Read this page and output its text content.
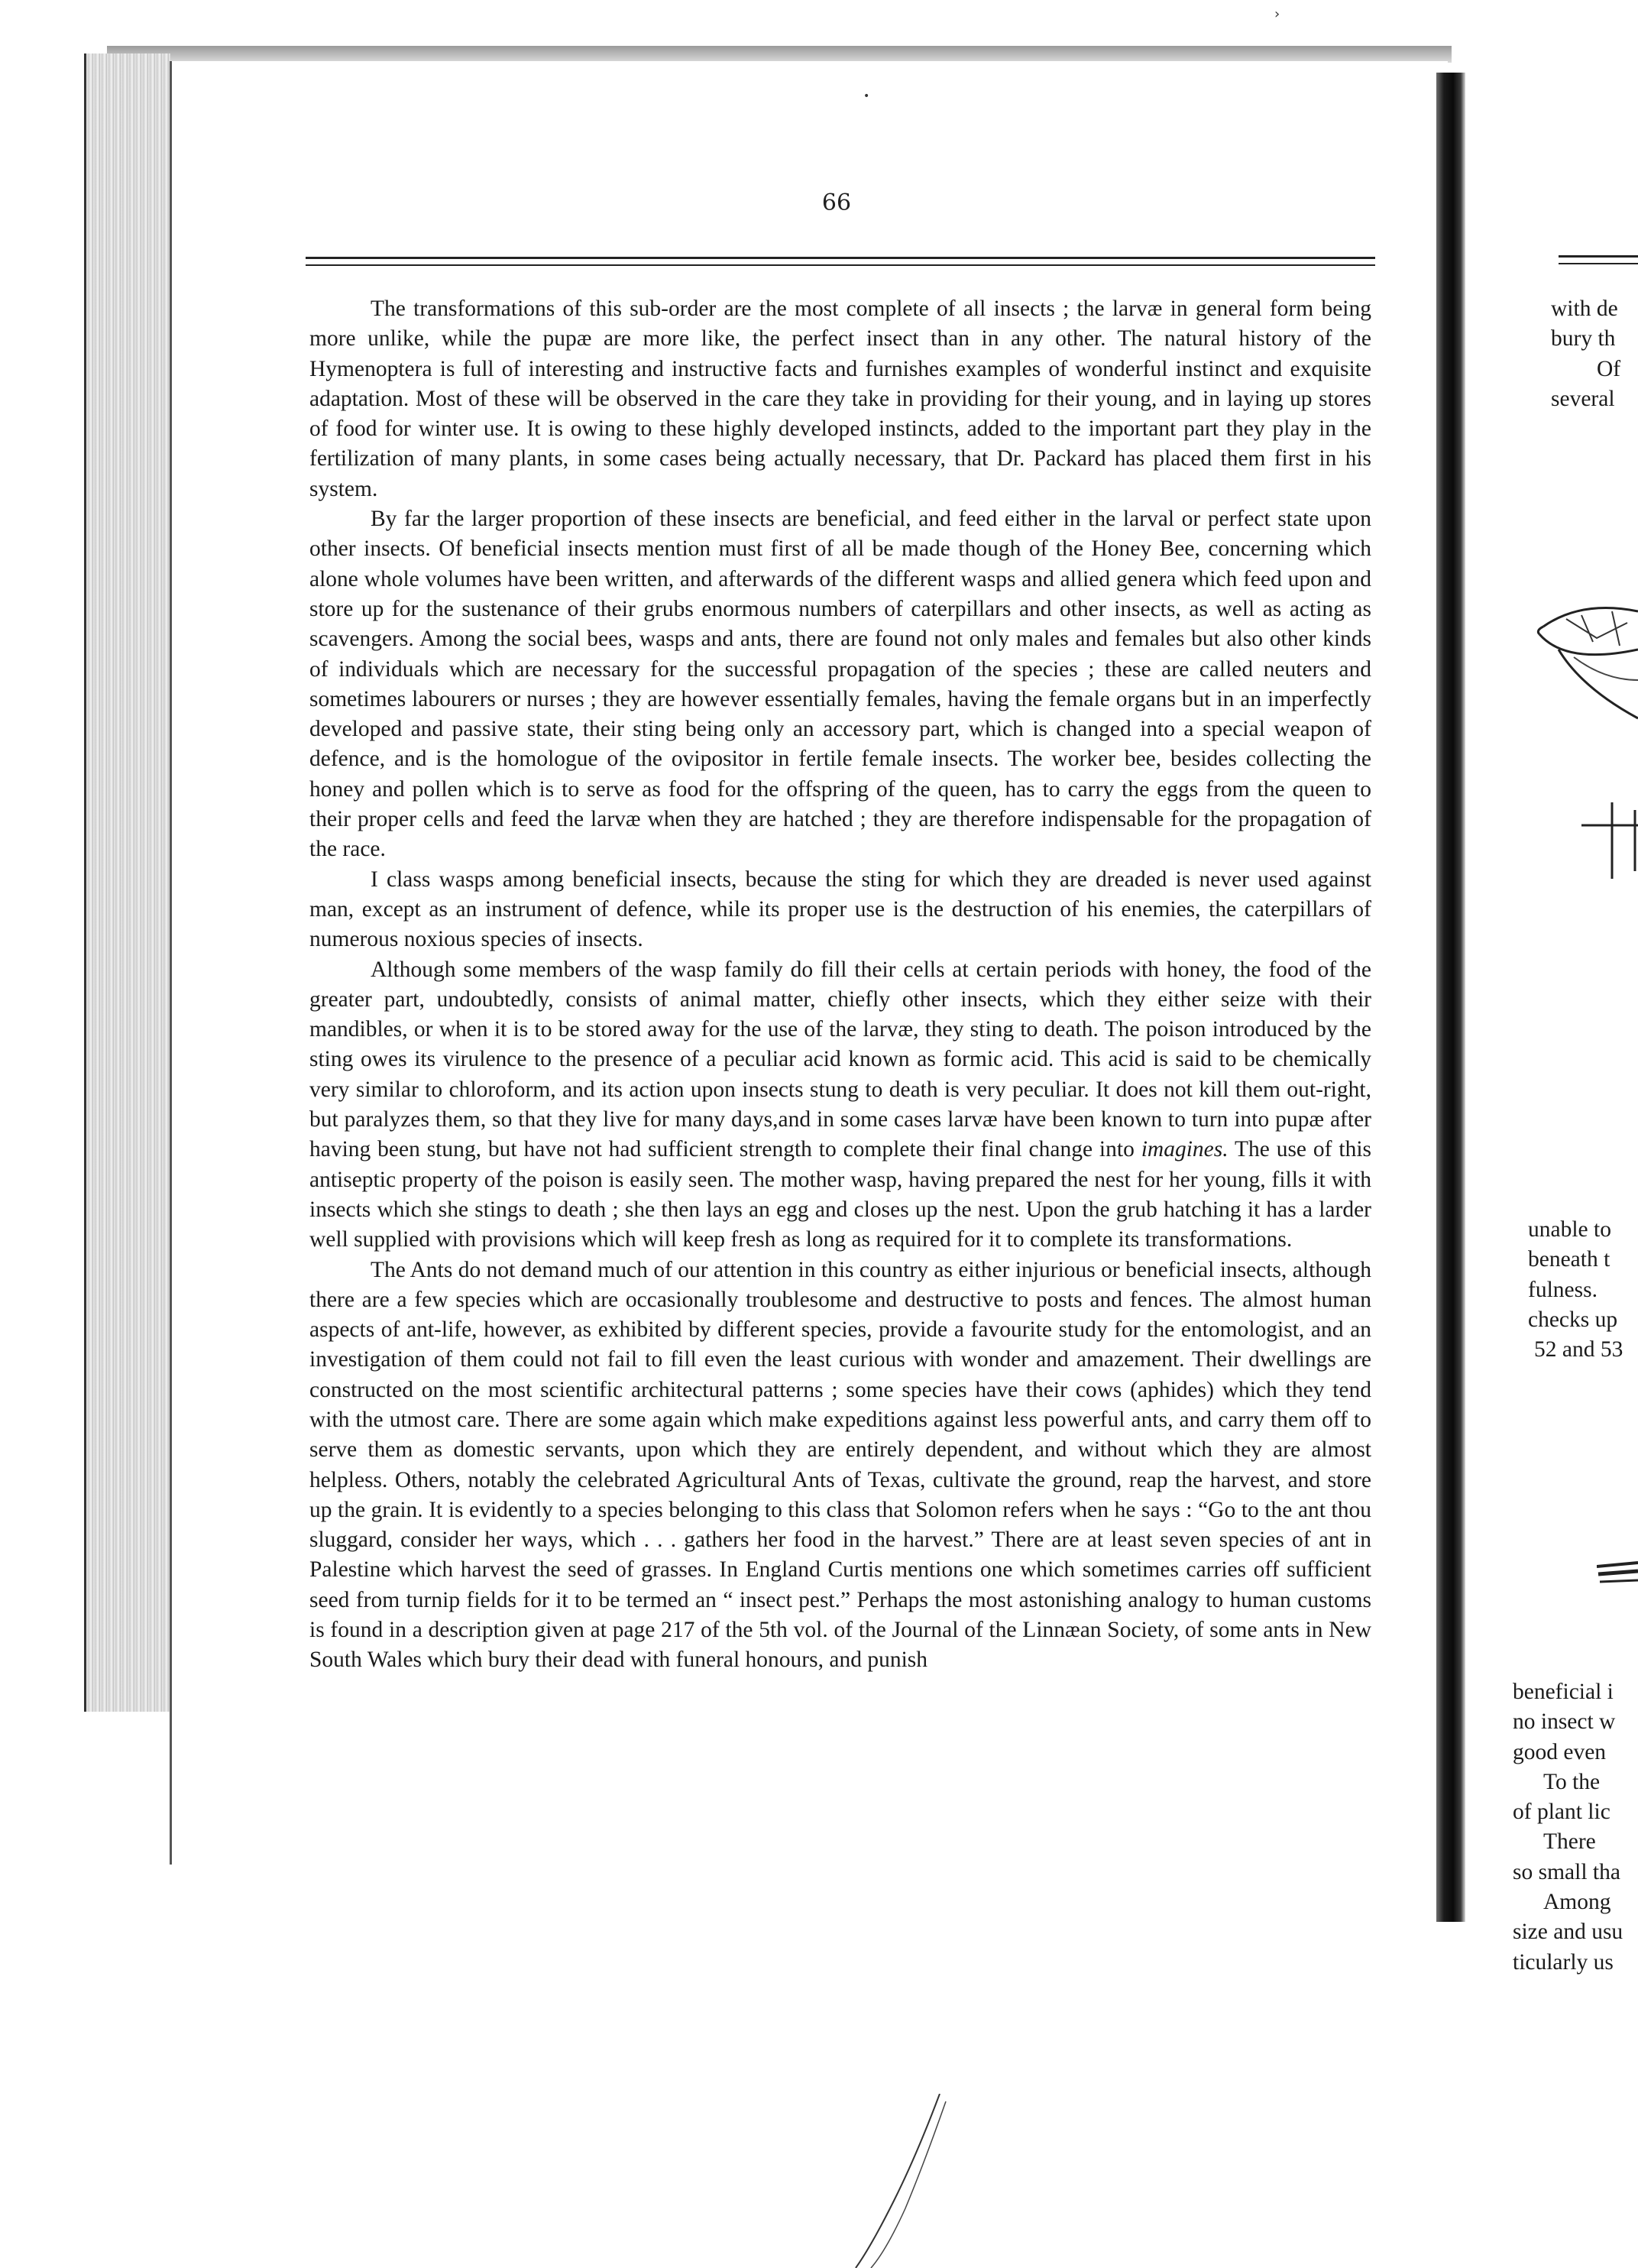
•
›
66

The transformations of this sub-order are the most complete of all insects ; the larvæ in general form being more unlike, while the pupæ are more like, the perfect insect than in any other. The natural history of the Hymenoptera is full of interesting and instructive facts and furnishes examples of wonderful instinct and exquisite adaptation. Most of these will be observed in the care they take in providing for their young, and in laying up stores of food for winter use. It is owing to these highly developed instincts, added to the important part they play in the fertilization of many plants, in some cases being actually necessary, that Dr. Packard has placed them first in his system.

By far the larger proportion of these insects are beneficial, and feed either in the larval or perfect state upon other insects. Of beneficial insects mention must first of all be made though of the Honey Bee, concerning which alone whole volumes have been written, and afterwards of the different wasps and allied genera which feed upon and store up for the sustenance of their grubs enormous numbers of caterpillars and other insects, as well as acting as scavengers. Among the social bees, wasps and ants, there are found not only males and females but also other kinds of individuals which are necessary for the successful propagation of the species ; these are called neuters and sometimes labourers or nurses ; they are however essentially females, having the female organs but in an imperfectly developed and passive state, their sting being only an accessory part, which is changed into a special weapon of defence, and is the homologue of the ovipositor in fertile female insects. The worker bee, besides collecting the honey and pollen which is to serve as food for the offspring of the queen, has to carry the eggs from the queen to their proper cells and feed the larvæ when they are hatched ; they are therefore indispensable for the propagation of the race.

I class wasps among beneficial insects, because the sting for which they are dreaded is never used against man, except as an instrument of defence, while its proper use is the destruction of his enemies, the caterpillars of numerous noxious species of insects.

Although some members of the wasp family do fill their cells at certain periods with honey, the food of the greater part, undoubtedly, consists of animal matter, chiefly other insects, which they either seize with their mandibles, or when it is to be stored away for the use of the larvæ, they sting to death. The poison introduced by the sting owes its virulence to the presence of a peculiar acid known as formic acid. This acid is said to be chemically very similar to chloroform, and its action upon insects stung to death is very peculiar. It does not kill them out-right, but paralyzes them, so that they live for many days,and in some cases larvæ have been known to turn into pupæ after having been stung, but have not had sufficient strength to complete their final change into imagines. The use of this antiseptic property of the poison is easily seen. The mother wasp, having prepared the nest for her young, fills it with insects which she stings to death ; she then lays an egg and closes up the nest. Upon the grub hatching it has a larder well supplied with provisions which will keep fresh as long as required for it to complete its transformations.

The Ants do not demand much of our attention in this country as either injurious or beneficial insects, although there are a few species which are occasionally troublesome and destructive to posts and fences. The almost human aspects of ant-life, however, as exhibited by different species, provide a favourite study for the entomologist, and an investigation of them could not fail to fill even the least curious with wonder and amazement. Their dwellings are constructed on the most scientific architectural patterns ; some species have their cows (aphides) which they tend with the utmost care. There are some again which make expeditions against less powerful ants, and carry them off to serve them as domestic servants, upon which they are entirely dependent, and without which they are almost helpless. Others, notably the celebrated Agricultural Ants of Texas, cultivate the ground, reap the harvest, and store up the grain. It is evidently to a species belonging to this class that Solomon refers when he says : “Go to the ant thou sluggard, consider her ways, which . . . gathers her food in the harvest.” There are at least seven species of ant in Palestine which harvest the seed of grasses. In England Curtis mentions one which sometimes carries off sufficient seed from turnip fields for it to be termed an “ insect pest.” Perhaps the most astonishing analogy to human customs is found in a description given at page 217 of the 5th vol. of the Journal of the Linnæan Society, of some ants in New South Wales which bury their dead with funeral honours, and punish

with de
bury th
Of
several
unable to
beneath t
fulness.
checks up
52 and 53
beneficial i
no insect w
good even
To the
of plant lic
There
so small tha
Among
size and usu
ticularly us
